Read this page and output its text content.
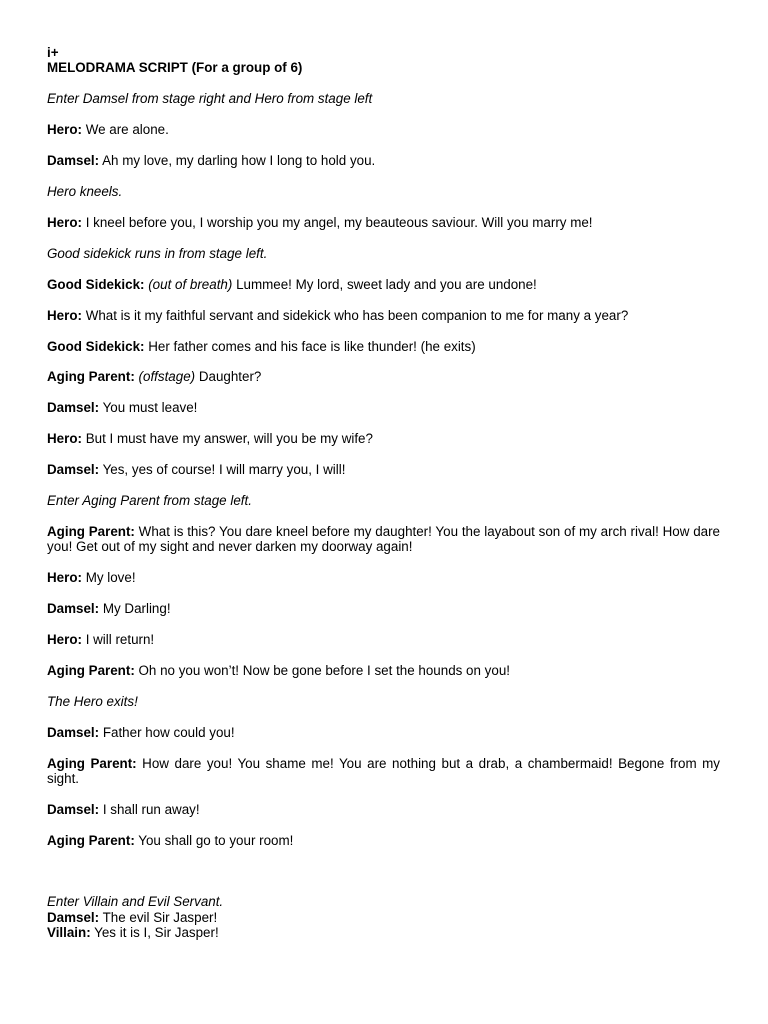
i+

MELODRAMA SCRIPT (For a group of 6)

Enter Damsel from stage right and Hero from stage left

Hero: We are alone.

Damsel: Ah my love, my darling how I long to hold you.

Hero kneels.

Hero: I kneel before you, I worship you my angel, my beauteous saviour. Will you marry me!

Good sidekick runs in from stage left.

Good Sidekick: (out of breath) Lummee! My lord, sweet lady and you are undone!

Hero: What is it my faithful servant and sidekick who has been companion to me for many a year?

Good Sidekick: Her father comes and his face is like thunder! (he exits)

Aging Parent: (offstage) Daughter?

Damsel: You must leave!

Hero: But I must have my answer, will you be my wife?

Damsel: Yes, yes of course! I will marry you, I will!

Enter Aging Parent from stage left.

Aging Parent: What is this? You dare kneel before my daughter! You the layabout son of my arch rival! How dare you! Get out of my sight and never darken my doorway again!

Hero: My love!

Damsel: My Darling!

Hero: I will return!

Aging Parent: Oh no you won’t! Now be gone before I set the hounds on you!

The Hero exits!

Damsel: Father how could you!

Aging Parent: How dare you! You shame me! You are nothing but a drab, a chambermaid! Begone from my sight.

Damsel: I shall run away!

Aging Parent: You shall go to your room!

Enter Villain and Evil Servant.

Damsel: The evil Sir Jasper!

Villain: Yes it is I, Sir Jasper!
